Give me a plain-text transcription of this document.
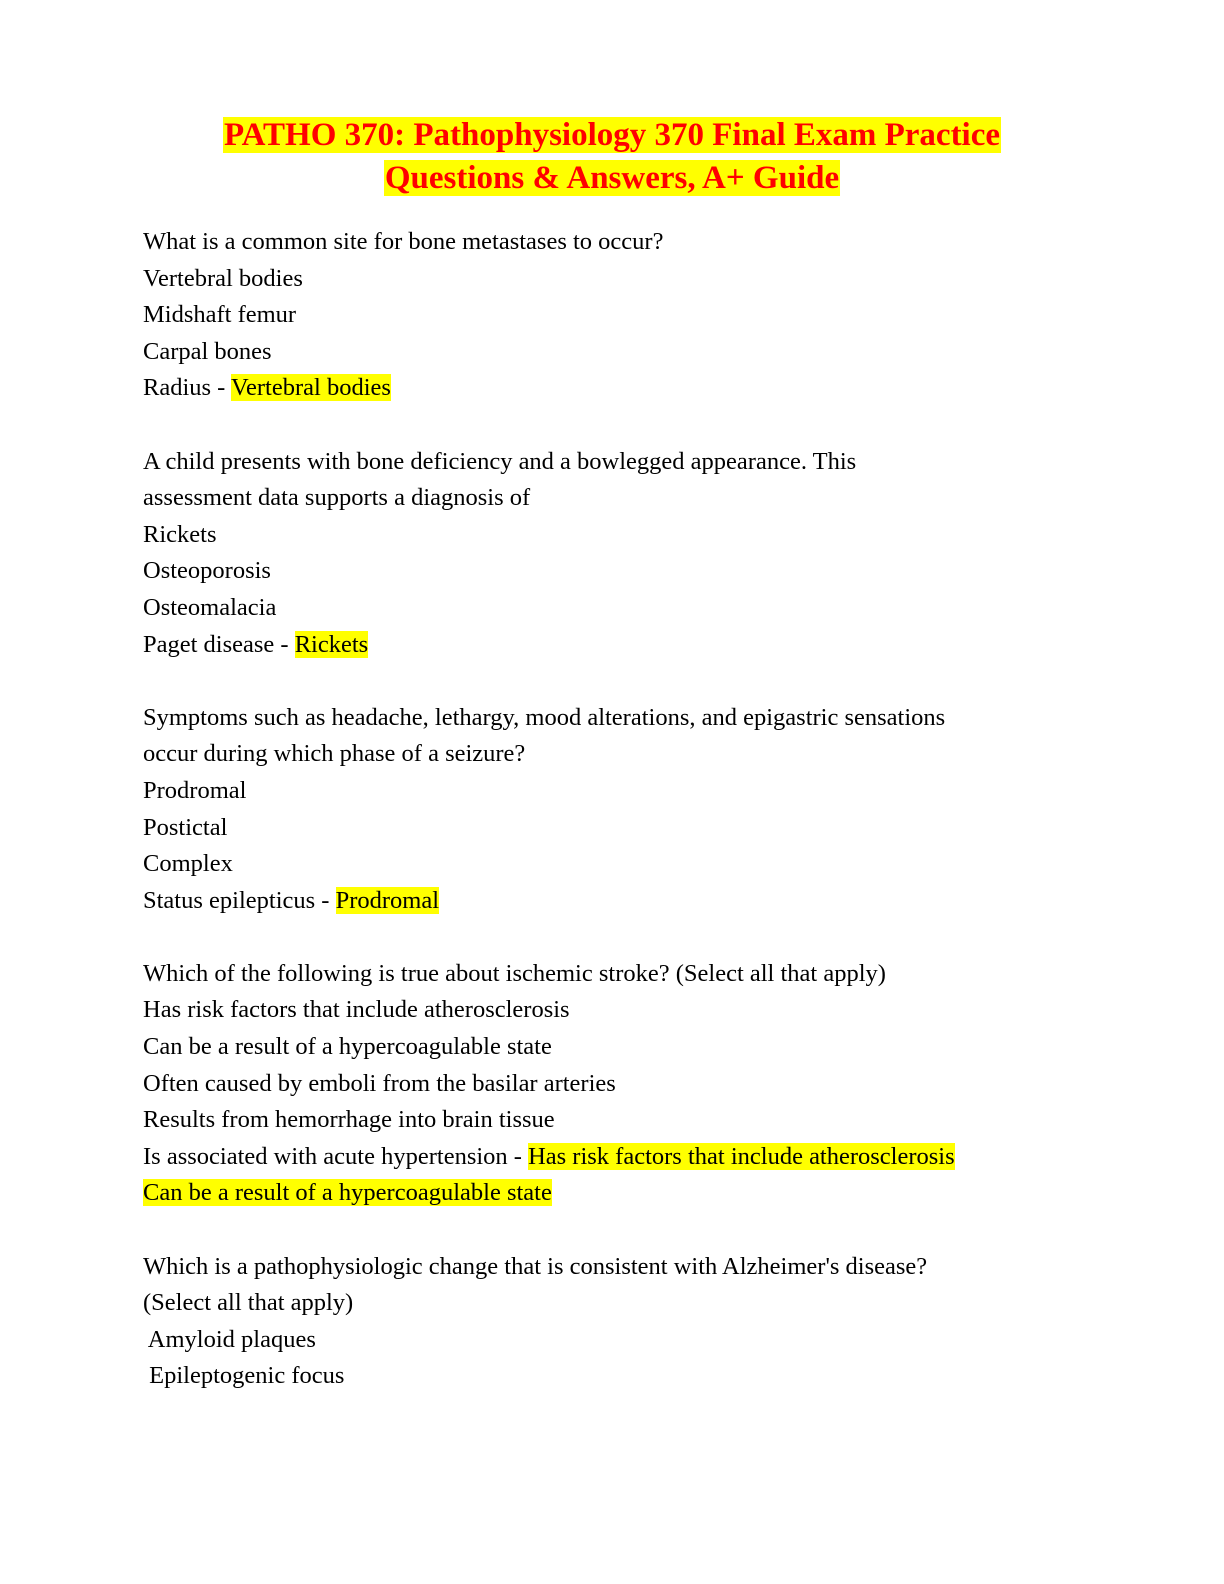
PATHO 370: Pathophysiology 370 Final Exam Practice
Questions & Answers, A+ Guide
What is a common site for bone metastases to occur?
Vertebral bodies
Midshaft femur
Carpal bones
Radius - Vertebral bodies
A child presents with bone deficiency and a bowlegged appearance. This
assessment data supports a diagnosis of
Rickets
Osteoporosis
Osteomalacia
Paget disease - Rickets
Symptoms such as headache, lethargy, mood alterations, and epigastric sensations
occur during which phase of a seizure?
Prodromal
Postictal
Complex
Status epilepticus - Prodromal
Which of the following is true about ischemic stroke? (Select all that apply)
Has risk factors that include atherosclerosis
Can be a result of a hypercoagulable state
Often caused by emboli from the basilar arteries
Results from hemorrhage into brain tissue
Is associated with acute hypertension - Has risk factors that include atherosclerosis
Can be a result of a hypercoagulable state
Which is a pathophysiologic change that is consistent with Alzheimer's disease?
(Select all that apply)
Amyloid plaques
Epileptogenic focus
